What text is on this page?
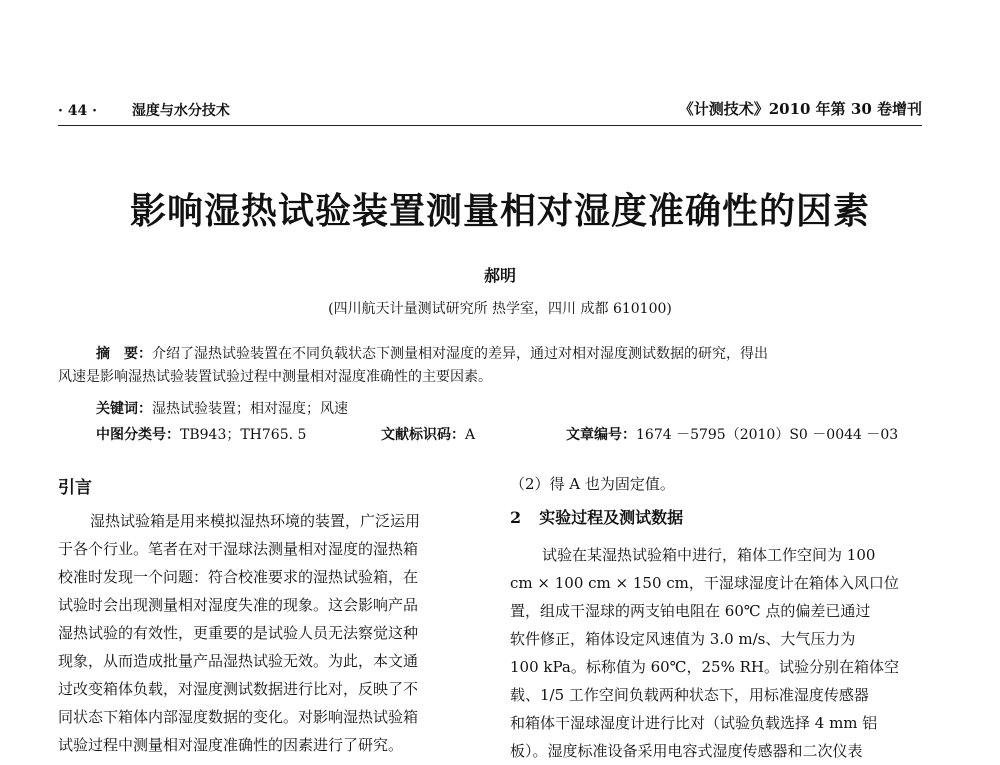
· 44 · 湿度与水分技术	《计测技术》2010 年第 30 卷增刊
影响湿热试验装置测量相对湿度准确性的因素
郝明
(四川航天计量测试研究所 热学室，四川 成都 610100)
摘　要：介绍了湿热试验装置在不同负载状态下测量相对湿度的差异，通过对相对湿度测试数据的研究，得出
风速是影响湿热试验装置试验过程中测量相对湿度准确性的主要因素。
关键词：湿热试验装置；相对湿度；风速
中图分类号：TB943；TH765. 5	文献标识码：A	文章编号：1674 －5795（2010）S0 －0044 －03
引言

湿热试验箱是用来模拟湿热环境的装置，广泛运用
于各个行业。笔者在对干湿球法测量相对湿度的湿热箱
校准时发现一个问题：符合校准要求的湿热试验箱，在
试验时会出现测量相对湿度失准的现象。这会影响产品
湿热试验的有效性，更重要的是试验人员无法察觉这种
现象，从而造成批量产品湿热试验无效。为此，本文通
过改变箱体负载，对湿度测试数据进行比对，反映了不
同状态下箱体内部湿度数据的变化。对影响湿热试验箱
试验过程中测量相对湿度准确性的因素进行了研究。

（2）得 A 也为固定值。
2 实验过程及测试数据

试验在某湿热试验箱中进行，箱体工作空间为 100
cm × 100 cm × 150 cm，干湿球湿度计在箱体入风口位
置，组成干湿球的两支铂电阻在 60℃ 点的偏差已通过
软件修正，箱体设定风速值为 3.0 m/s、大气压力为
100 kPa。标称值为 60℃，25% RH。试验分别在箱体空
载、1/5 工作空间负载两种状态下，用标准湿度传感器
和箱体干湿球湿度计进行比对（试验负载选择 4 mm 铝
板）。湿度标准设备采用电容式湿度传感器和二次仪表
